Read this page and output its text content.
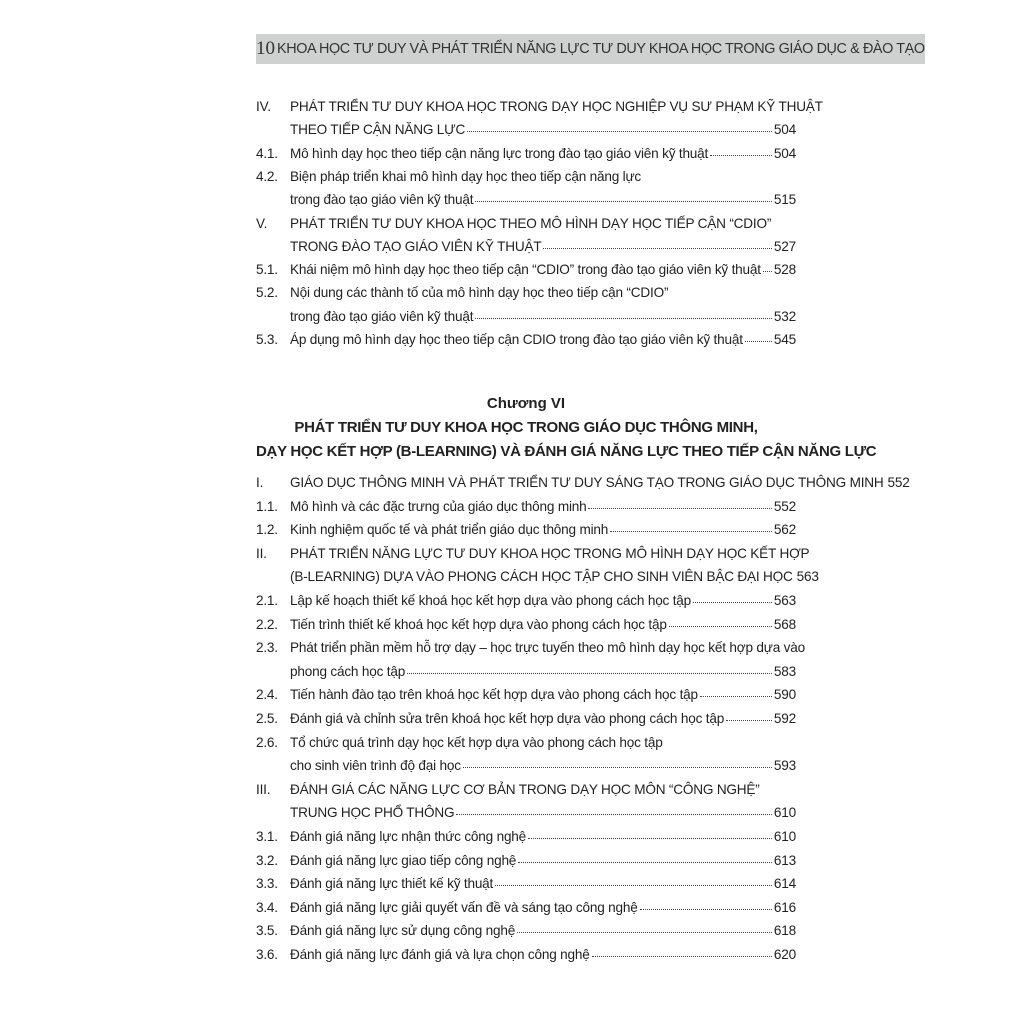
10 KHOA HỌC TƯ DUY VÀ PHÁT TRIỂN NĂNG LỰC TƯ DUY KHOA HỌC TRONG GIÁO DỤC & ĐÀO TẠO
IV.	PHÁT TRIỂN TƯ DUY KHOA HỌC TRONG DẠY HỌC NGHIỆP VỤ SƯ PHẠM KỸ THUẬT
THEO TIẾP CẬN NĂNG LỰC	504
4.1. Mô hình dạy học theo tiếp cận năng lực trong đào tạo giáo viên kỹ thuật	504
4.2. Biện pháp triển khai mô hình dạy học theo tiếp cận năng lực
trong đào tạo giáo viên kỹ thuật	515
V.	PHÁT TRIỂN TƯ DUY KHOA HỌC THEO MÔ HÌNH DẠY HỌC TIẾP CẬN “CDIO”
TRONG ĐÀO TẠO GIÁO VIÊN KỸ THUẬT	527
5.1. Khái niệm mô hình dạy học theo tiếp cận “CDIO” trong đào tạo giáo viên kỹ thuật 528
5.2. Nội dung các thành tố của mô hình dạy học theo tiếp cận “CDIO”
trong đào tạo giáo viên kỹ thuật	532
5.3. Áp dụng mô hình dạy học theo tiếp cận CDIO trong đào tạo giáo viên kỹ thuật 545
Chương VI
PHÁT TRIỂN TƯ DUY KHOA HỌC TRONG GIÁO DỤC THÔNG MINH,
DẠY HỌC KẾT HỢP (B-LEARNING) VÀ ĐÁNH GIÁ NĂNG LỰC THEO TIẾP CẬN NĂNG LỰC
I.	GIÁO DỤC THÔNG MINH VÀ PHÁT TRIỂN TƯ DUY SÁNG TẠO TRONG GIÁO DỤC THÔNG MINH 552
1.1. Mô hình và các đặc trưng của giáo dục thông minh	552
1.2. Kinh nghiệm quốc tế và phát triển giáo dục thông minh	562
II.	PHÁT TRIỂN NĂNG LỰC TƯ DUY KHOA HỌC TRONG MÔ HÌNH DẠY HỌC KẾT HỢP
(B-LEARNING) DỰA VÀO PHONG CÁCH HỌC TẬP CHO SINH VIÊN BẬC ĐẠI HỌC 563
2.1. Lập kế hoạch thiết kế khoá học kết hợp dựa vào phong cách học tập	563
2.2. Tiến trình thiết kế khoá học kết hợp dựa vào phong cách học tập	568
2.3. Phát triển phần mềm hỗ trợ dạy – học trực tuyến theo mô hình dạy học kết hợp dựa vào
phong cách học tập	583
2.4. Tiến hành đào tạo trên khoá học kết hợp dựa vào phong cách học tập	590
2.5. Đánh giá và chỉnh sửa trên khoá học kết hợp dựa vào phong cách học tập	592
2.6. Tổ chức quá trình dạy học kết hợp dựa vào phong cách học tập
cho sinh viên trình độ đại học	593
III.	ĐÁNH GIÁ CÁC NĂNG LỰC CƠ BẢN TRONG DẠY HỌC MÔN “CÔNG NGHỆ”
TRUNG HỌC PHỔ THÔNG	610
3.1. Đánh giá năng lực nhận thức công nghệ	610
3.2. Đánh giá năng lực giao tiếp công nghệ	613
3.3. Đánh giá năng lực thiết kế kỹ thuật	614
3.4. Đánh giá năng lực giải quyết vấn đề và sáng tạo công nghệ	616
3.5. Đánh giá năng lực sử dụng công nghệ	618
3.6. Đánh giá năng lực đánh giá và lựa chọn công nghệ	620
